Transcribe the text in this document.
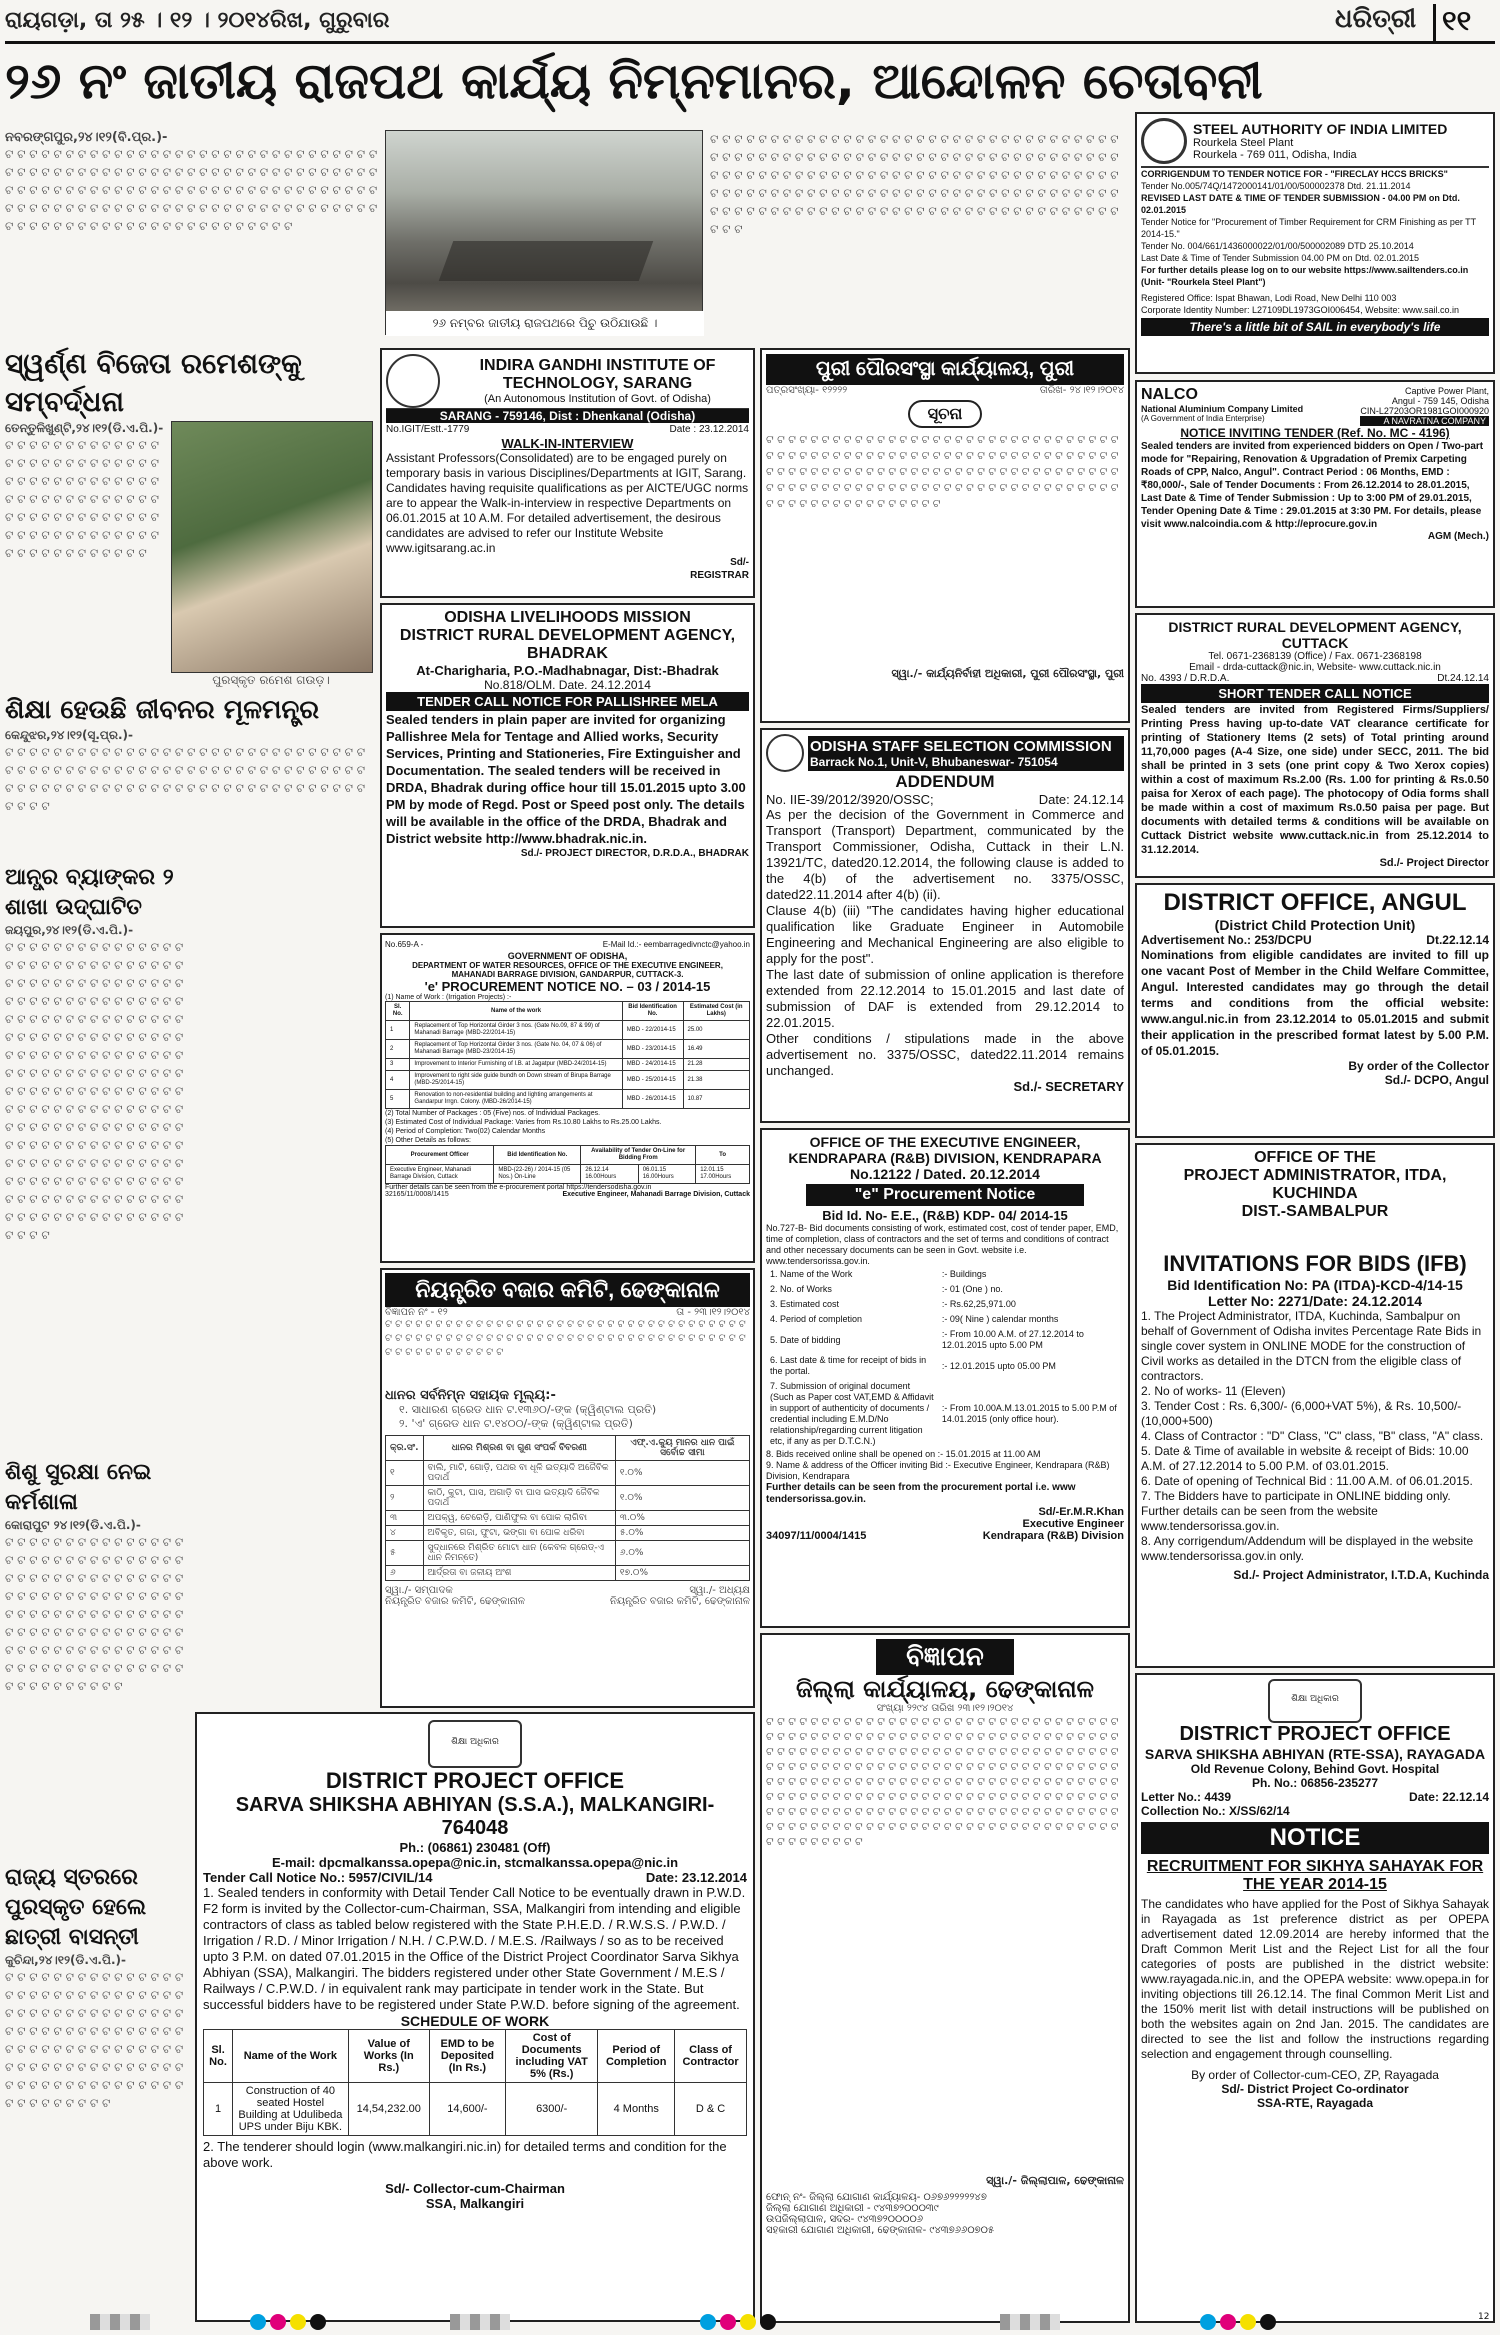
ରାୟଗଡ଼ା, ତା ୨୫ । ୧୨ । ୨୦୧୪ରିଖ, ଗୁରୁବାର	ଧରିତ୍ରୀ ୧୧
୨୬ ନଂ ଜାତୀୟ ରାଜପଥ କାର୍ଯ୍ୟ ନିମ୍ନମାନର, ଆନ୍ଦୋଳନ ଚେତାବନୀ
ନବରଙ୍ଗପୁର,୨୪।୧୨(ବି.ପ୍ର.)-
ଟ ଟ ଟ ଟ ଟ ଟ ଟ ଟ ଟ ଟ ଟ ଟ ଟ ଟ ଟ ଟ ଟ ଟ ଟ ଟ ଟ ଟ ଟ ଟ ଟ ଟ ଟ ଟ ଟ ଟ ଟ ଟ ଟ ଟ ଟ ଟ ଟ ଟ ଟ ଟ ଟ ଟ ଟ ଟ ଟ ଟ ଟ ଟ ଟ ଟ ଟ ଟ ଟ ଟ ଟ ଟ ଟ ଟ ଟ ଟ ଟ ଟ ଟ ଟ ଟ ଟ ଟ ଟ ଟ ଟ ଟ ଟ ଟ ଟ ଟ ଟ ଟ ଟ ଟ ଟ ଟ ଟ ଟ ଟ ଟ ଟ ଟ ଟ ଟ ଟ ଟ ଟ ଟ ଟ ଟ ଟ ଟ ଟ ଟ ଟ ଟ ଟ ଟ ଟ ଟ ଟ ଟ ଟ ଟ ଟ ଟ ଟ ଟ ଟ ଟ ଟ ଟ ଟ ଟ ଟ ଟ ଟ ଟ ଟ ଟ ଟ ଟ ଟ ଟ ଟ ଟ ଟ ଟ ଟ ଟ ଟ ଟ ଟ ଟ ଟ ଟ ଟ ଟ ଟ ଟ ଟ ଟ ଟ
୨୬ ନମ୍ବର ଜାତୀୟ ରାଜପଥରେ ପିଚୁ ଉଠିଯାଉଛି ।
ଟ ଟ ଟ ଟ ଟ ଟ ଟ ଟ ଟ ଟ ଟ ଟ ଟ ଟ ଟ ଟ ଟ ଟ ଟ ଟ ଟ ଟ ଟ ଟ ଟ ଟ ଟ ଟ ଟ ଟ ଟ ଟ ଟ ଟ ଟ ଟ ଟ ଟ ଟ ଟ ଟ ଟ ଟ ଟ ଟ ଟ ଟ ଟ ଟ ଟ ଟ ଟ ଟ ଟ ଟ ଟ ଟ ଟ ଟ ଟ ଟ ଟ ଟ ଟ ଟ ଟ ଟ ଟ ଟ ଟ ଟ ଟ ଟ ଟ ଟ ଟ ଟ ଟ ଟ ଟ ଟ ଟ ଟ ଟ ଟ ଟ ଟ ଟ ଟ ଟ ଟ ଟ ଟ ଟ ଟ ଟ ଟ ଟ ଟ ଟ ଟ ଟ ଟ ଟ ଟ ଟ ଟ ଟ ଟ ଟ ଟ ଟ ଟ ଟ ଟ ଟ ଟ ଟ ଟ ଟ ଟ ଟ ଟ ଟ ଟ ଟ ଟ ଟ ଟ ଟ ଟ ଟ ଟ ଟ ଟ ଟ ଟ ଟ ଟ ଟ ଟ ଟ ଟ ଟ ଟ ଟ ଟ ଟ ଟ ଟ ଟ ଟ ଟ ଟ ଟ ଟ ଟ ଟ ଟ ଟ ଟ ଟ ଟ ଟ ଟ ଟ ଟ ଟ ଟ ଟ ଟ ଟ ଟ
ସ୍ୱର୍ଣ୍ଣ ବିଜେତା ରମେଶଙ୍କୁ ସମ୍ବର୍ଦ୍ଧନା
ତେନ୍ତୁଳିଖୁଣ୍ଟି,୨୪।୧୨(ଡି.ଏ.ପି.)-
ଟ ଟ ଟ ଟ ଟ ଟ ଟ ଟ ଟ ଟ ଟ ଟ ଟ ଟ ଟ ଟ ଟ ଟ ଟ ଟ ଟ ଟ ଟ ଟ ଟ ଟ ଟ ଟ ଟ ଟ ଟ ଟ ଟ ଟ ଟ ଟ ଟ ଟ ଟ ଟ ଟ ଟ ଟ ଟ ଟ ଟ ଟ ଟ ଟ ଟ ଟ ଟ ଟ ଟ ଟ ଟ ଟ ଟ ଟ ଟ ଟ ଟ ଟ ଟ ଟ ଟ ଟ ଟ ଟ ଟ ଟ ଟ ଟ ଟ ଟ ଟ ଟ ଟ ଟ ଟ ଟ ଟ ଟ ଟ ଟ ଟ ଟ ଟ ଟ ଟ
ପୁରସ୍କୃତ ରମେଶ ଗଉଡ଼।
ଶିକ୍ଷା ହେଉଛି ଜୀବନର ମୂଳମନ୍ତ୍ର
କେନ୍ଦୁଝର,୨୪।୧୨(ସୂ.ପ୍ର.)-
ଟ ଟ ଟ ଟ ଟ ଟ ଟ ଟ ଟ ଟ ଟ ଟ ଟ ଟ ଟ ଟ ଟ ଟ ଟ ଟ ଟ ଟ ଟ ଟ ଟ ଟ ଟ ଟ ଟ ଟ ଟ ଟ ଟ ଟ ଟ ଟ ଟ ଟ ଟ ଟ ଟ ଟ ଟ ଟ ଟ ଟ ଟ ଟ ଟ ଟ ଟ ଟ ଟ ଟ ଟ ଟ ଟ ଟ ଟ ଟ ଟ ଟ ଟ ଟ ଟ ଟ ଟ ଟ ଟ ଟ ଟ ଟ ଟ ଟ ଟ ଟ ଟ ଟ ଟ ଟ ଟ ଟ ଟ ଟ ଟ ଟ ଟ ଟ ଟ ଟ ଟ ଟ ଟ ଟ
ଆନ୍ଧ୍ର ବ୍ୟାଙ୍କର ୨ ଶାଖା ଉଦ୍‌ଘାଟିତ
ଜୟପୁର,୨୪।୧୨(ଡି.ଏ.ପି.)-
ଟ ଟ ଟ ଟ ଟ ଟ ଟ ଟ ଟ ଟ ଟ ଟ ଟ ଟ ଟ ଟ ଟ ଟ ଟ ଟ ଟ ଟ ଟ ଟ ଟ ଟ ଟ ଟ ଟ ଟ ଟ ଟ ଟ ଟ ଟ ଟ ଟ ଟ ଟ ଟ ଟ ଟ ଟ ଟ ଟ ଟ ଟ ଟ ଟ ଟ ଟ ଟ ଟ ଟ ଟ ଟ ଟ ଟ ଟ ଟ ଟ ଟ ଟ ଟ ଟ ଟ ଟ ଟ ଟ ଟ ଟ ଟ ଟ ଟ ଟ ଟ ଟ ଟ ଟ ଟ ଟ ଟ ଟ ଟ ଟ ଟ ଟ ଟ ଟ ଟ ଟ ଟ ଟ ଟ ଟ ଟ ଟ ଟ ଟ ଟ ଟ ଟ ଟ ଟ ଟ ଟ ଟ ଟ ଟ ଟ ଟ ଟ ଟ ଟ ଟ ଟ ଟ ଟ ଟ ଟ ଟ ଟ ଟ ଟ ଟ ଟ ଟ ଟ ଟ ଟ ଟ ଟ ଟ ଟ ଟ ଟ ଟ ଟ ଟ ଟ ଟ ଟ ଟ ଟ ଟ ଟ ଟ ଟ ଟ ଟ ଟ ଟ ଟ ଟ ଟ ଟ ଟ ଟ ଟ ଟ ଟ ଟ ଟ ଟ ଟ ଟ ଟ ଟ ଟ ଟ ଟ ଟ ଟ ଟ ଟ ଟ ଟ ଟ ଟ ଟ ଟ ଟ ଟ ଟ ଟ ଟ ଟ ଟ ଟ ଟ ଟ ଟ ଟ ଟ ଟ ଟ ଟ ଟ ଟ ଟ ଟ ଟ ଟ ଟ ଟ ଟ ଟ ଟ ଟ ଟ ଟ ଟ ଟ ଟ ଟ ଟ ଟ ଟ ଟ ଟ ଟ ଟ ଟ ଟ ଟ ଟ ଟ ଟ ଟ ଟ ଟ ଟ ଟ ଟ ଟ ଟ ଟ ଟ ଟ ଟ ଟ ଟ ଟ ଟ
ଶିଶୁ ସୁରକ୍ଷା ନେଇ କର୍ମଶାଳା
କୋରାପୁଟ ୨୪।୧୨(ଡି.ଏ.ପି.)-
ଟ ଟ ଟ ଟ ଟ ଟ ଟ ଟ ଟ ଟ ଟ ଟ ଟ ଟ ଟ ଟ ଟ ଟ ଟ ଟ ଟ ଟ ଟ ଟ ଟ ଟ ଟ ଟ ଟ ଟ ଟ ଟ ଟ ଟ ଟ ଟ ଟ ଟ ଟ ଟ ଟ ଟ ଟ ଟ ଟ ଟ ଟ ଟ ଟ ଟ ଟ ଟ ଟ ଟ ଟ ଟ ଟ ଟ ଟ ଟ ଟ ଟ ଟ ଟ ଟ ଟ ଟ ଟ ଟ ଟ ଟ ଟ ଟ ଟ ଟ ଟ ଟ ଟ ଟ ଟ ଟ ଟ ଟ ଟ ଟ ଟ ଟ ଟ ଟ ଟ ଟ ଟ ଟ ଟ ଟ ଟ ଟ ଟ ଟ ଟ ଟ ଟ ଟ ଟ ଟ ଟ ଟ ଟ ଟ ଟ ଟ ଟ ଟ ଟ ଟ ଟ ଟ ଟ ଟ ଟ ଟ ଟ ଟ ଟ ଟ ଟ ଟ ଟ ଟ ଟ
ରାଜ୍ୟ ସ୍ତରରେ ପୁରସ୍କୃତ ହେଲେ ଛାତ୍ରୀ ବାସନ୍ତୀ
କୁଚିନ୍ଦା,୨୪।୧୨(ଡି.ଏ.ପି.)-
ଟ ଟ ଟ ଟ ଟ ଟ ଟ ଟ ଟ ଟ ଟ ଟ ଟ ଟ ଟ ଟ ଟ ଟ ଟ ଟ ଟ ଟ ଟ ଟ ଟ ଟ ଟ ଟ ଟ ଟ ଟ ଟ ଟ ଟ ଟ ଟ ଟ ଟ ଟ ଟ ଟ ଟ ଟ ଟ ଟ ଟ ଟ ଟ ଟ ଟ ଟ ଟ ଟ ଟ ଟ ଟ ଟ ଟ ଟ ଟ ଟ ଟ ଟ ଟ ଟ ଟ ଟ ଟ ଟ ଟ ଟ ଟ ଟ ଟ ଟ ଟ ଟ ଟ ଟ ଟ ଟ ଟ ଟ ଟ ଟ ଟ ଟ ଟ ଟ ଟ ଟ ଟ ଟ ଟ ଟ ଟ ଟ ଟ ଟ ଟ ଟ ଟ ଟ ଟ ଟ ଟ ଟ ଟ ଟ ଟ ଟ ଟ ଟ ଟ
INDIRA GANDHI INSTITUTE OF TECHNOLOGY, SARANG
(An Autonomous Institution of Govt. of Odisha)
SARANG - 759146, Dist : Dhenkanal (Odisha)
No.IGIT/Estt.-1779	Date : 23.12.2014
WALK-IN-INTERVIEW
Assistant Professors(Consolidated) are to be engaged purely on temporary basis in various Disciplines/Departments at IGIT, Sarang. Candidates having requisite qualifications as per AICTE/UGC norms are to appear the Walk-in-interview in respective Departments on 06.01.2015 at 10 A.M. For detailed advertisement, the desirous candidates are advised to refer our Institute Website www.igitsarang.ac.in
Sd/-
REGISTRAR
ODISHA LIVELIHOODS MISSION
DISTRICT RURAL DEVELOPMENT AGENCY,
BHADRAK
At-Charigharia, P.O.-Madhabnagar, Dist:-Bhadrak
No.818/OLM. Date. 24.12.2014
TENDER CALL NOTICE FOR PALLISHREE MELA
Sealed tenders in plain paper are invited for organizing Pallishree Mela for Tentage and Allied works, Security Services, Printing and Stationeries, Fire Extinguisher and Documentation. The sealed tenders will be received in DRDA, Bhadrak during office hour till 15.01.2015 upto 3.00 PM by mode of Regd. Post or Speed post only. The details will be available in the office of the DRDA, Bhadrak and District website http://www.bhadrak.nic.in.
Sd./- PROJECT DIRECTOR, D.R.D.A., BHADRAK
No.659-A -	E-Mail Id.:- eembarragedivnctc@yahoo.in
GOVERNMENT OF ODISHA,
DEPARTMENT OF WATER RESOURCES, OFFICE OF THE EXECUTIVE ENGINEER,
MAHANADI BARRAGE DIVISION, GANDARPUR, CUTTACK-3.
'e' PROCUREMENT NOTICE NO. – 03 / 2014-15
(1) Name of Work : (Irrigation Projects) :-
Sl. No.	Name of the work	Bid Identification No.	Estimated Cost (in Lakhs)
1	Replacement of Top Horizontal Girder 3 nos. (Gate No.09, 87 & 99) of Mahanadi Barrage (MBD-22/2014-15)	MBD - 22/2014-15	25.00
2	Replacement of Top Horizontal Girder 3 nos. (Gate No. 04, 07 & 06) of Mahanadi Barrage (MBD-23/2014-15)	MBD - 23/2014-15	16.49
3	Improvement to Interior Furnishing of I.B. at Jagatpur (MBD-24/2014-15)	MBD - 24/2014-15	21.28
4	Improvement to right side guide bundh on Down stream of Birupa Barrage (MBD-25/2014-15)	MBD - 25/2014-15	21.38
5	Renovation to non-residential building and lighting arrangements at Gandarpur Irrgn. Colony. (MBD-26/2014-15)	MBD - 26/2014-15	10.87
(2) Total Number of Packages : 05 (Five) nos. of Individual Packages.
(3) Estimated Cost of Individual Package: Varies from Rs.10.80 Lakhs to Rs.25.00 Lakhs.
(4) Period of Completion: Two(02) Calendar Months
(5) Other Details as follows:
Procurement Officer	Bid Identification No.	Availability of Tender On-Line for Bidding From		To
Executive Engineer, Mahanadi Barrage Division, Cuttack	MBD-(22-26) / 2014-15 (05 Nos.) On-Line	26.12.14 16.00Hours	06.01.15 16.00Hours	12.01.15 17.00Hours
Further details can be seen from the e-procurement portal https://tendersodisha.gov.in
32165/11/0008/1415	Executive Engineer, Mahanadi Barrage Division, Cuttack
ନିୟନ୍ତ୍ରିତ ବଜାର କମିଟି, ଢେଙ୍କାନାଳ
ବିଜ୍ଞାପନ ନଂ - ୧୨	ତା - ୨୩।୧୨।୨୦୧୪
ଟ ଟ ଟ ଟ ଟ ଟ ଟ ଟ ଟ ଟ ଟ ଟ ଟ ଟ ଟ ଟ ଟ ଟ ଟ ଟ ଟ ଟ ଟ ଟ ଟ ଟ ଟ ଟ ଟ ଟ ଟ ଟ ଟ ଟ ଟ ଟ ଟ ଟ ଟ ଟ ଟ ଟ ଟ ଟ ଟ ଟ ଟ ଟ ଟ ଟ ଟ ଟ ଟ ଟ ଟ ଟ ଟ ଟ ଟ ଟ ଟ ଟ ଟ ଟ ଟ ଟ ଟ ଟ ଟ ଟ ଟ ଟ ଟ ଟ ଟ ଟ ଟ ଟ ଟ ଟ ଟ ଟ ଟ ଟ
ଧାନର ସର୍ବନିମ୍ନ ସହାୟକ ମୂଲ୍ୟ:-
୧. ସାଧାରଣ ଗ୍ରେଡ ଧାନ ଟ.୧୩୬୦/-ଙ୍କ (କ୍ୱିଣ୍ଟାଲ ପ୍ରତି)
୨. 'ଏ' ଗ୍ରେଡ ଧାନ ଟ.୧୪୦୦/-ଙ୍କ (କ୍ୱିଣ୍ଟାଲ ପ୍ରତି)
କ୍ର.ସଂ.	ଧାନର ମିଶ୍ରଣ ବା ଗୁଣ ସଂପର୍କ ବିବରଣୀ	ଏଫ୍.ଏ.କ୍ୟୁ ମାନର ଧାନ ପାଇଁ ସର୍ବୋଚ୍ଚ ସୀମା
୧	ବାଲି, ମାଟି, ଗୋଡ଼ି, ପଥର ବା ଧୂଳି ଇତ୍ୟାଦି ଅଜୈବିକ ପଦାର୍ଥ	୧.୦%
୨	କାଠି, କୁଟା, ଘାସ, ଅଗାଡ଼ି ବା ଘାସ ଇତ୍ୟାଦି ଜୈବିକ ପଦାର୍ଥ	୧.୦%
୩	ଅପକ୍ୱ, ଚେରେଡ଼ି, ପାଣିଫୁଲ ବା ପୋକ ଲାଗିବା	୩.୦%
୪	ଅବିକୃତ, ଗଜା, ଫୁଟା, ଭଙ୍ଗା ବା ପୋକ ଧରିବା	୫.୦%
୫	ସୁଦ୍ଧାନରେ ମିଶ୍ରିତ ମୋଟା ଧାନ (କେବଳ ଗ୍ରେଡ୍-ଏ ଧାନ ନିମନ୍ତେ)	୬.୦%
୬	ଆର୍ଦ୍ରତା ବା ଜଳୀୟ ଅଂଶ	୧୭.୦%
ସ୍ୱା./- ସମ୍ପାଦକ	ସ୍ୱା./- ଅଧ୍ୟକ୍ଷ
ନିୟନ୍ତ୍ରିତ ବଜାର କମିଟି, ଢେଙ୍କାନାଳ	ନିୟନ୍ତ୍ରିତ ବଜାର କମିଟି, ଢେଙ୍କାନାଳ
ଶିକ୍ଷା ଅଧିକାର
DISTRICT PROJECT OFFICE
SARVA SHIKSHA ABHIYAN (S.S.A.), MALKANGIRI-764048
Ph.: (06861) 230481 (Off)
E-mail: dpcmalkanssa.opepa@nic.in, stcmalkanssa.opepa@nic.in
Tender Call Notice No.: 5957/CIVIL/14	Date: 23.12.2014
1. Sealed tenders in conformity with Detail Tender Call Notice to be eventually drawn in P.W.D. F2 form is invited by the Collector-cum-Chairman, SSA, Malkangiri from intending and eligible contractors of class as tabled below registered with the State P.H.E.D. / R.W.S.S. / P.W.D. / Irrigation / R.D. / Minor Irrigation / N.H. / C.P.W.D. / M.E.S. /Railways / so as to be received upto 3 P.M. on dated 07.01.2015 in the Office of the District Project Coordinator Sarva Sikhya Abhiyan (SSA), Malkangiri. The bidders registered under other State Government / M.E.S / Railways / C.P.W.D. / in equivalent rank may participate in tender work in the State. But successful bidders have to be registered under State P.W.D. before signing of the agreement.
SCHEDULE OF WORK
Sl. No.	Name of the Work	Value of Works (In Rs.)	EMD to be Deposited (In Rs.)	Cost of Documents including VAT 5% (Rs.)	Period of Completion	Class of Contractor
1	Construction of 40 seated Hostel Building at Udulibeda UPS under Biju KBK.	14,54,232.00	14,600/-	6300/-	4 Months	D & C
2. The tenderer should login (www.malkangiri.nic.in) for detailed terms and condition for the above work.
Sd/- Collector-cum-Chairman
SSA, Malkangiri
ପୁରୀ ପୌରସଂସ୍ଥା କାର୍ଯ୍ୟାଳୟ, ପୁରୀ
ପତ୍ରସଂଖ୍ୟା- ୧୨୨୨୨	ତାରିଖ- ୨୪।୧୨।୨୦୧୪
ସୂଚନା
ଟ ଟ ଟ ଟ ଟ ଟ ଟ ଟ ଟ ଟ ଟ ଟ ଟ ଟ ଟ ଟ ଟ ଟ ଟ ଟ ଟ ଟ ଟ ଟ ଟ ଟ ଟ ଟ ଟ ଟ ଟ ଟ ଟ ଟ ଟ ଟ ଟ ଟ ଟ ଟ ଟ ଟ ଟ ଟ ଟ ଟ ଟ ଟ ଟ ଟ ଟ ଟ ଟ ଟ ଟ ଟ ଟ ଟ ଟ ଟ ଟ ଟ ଟ ଟ ଟ ଟ ଟ ଟ ଟ ଟ ଟ ଟ ଟ ଟ ଟ ଟ ଟ ଟ ଟ ଟ ଟ ଟ ଟ ଟ ଟ ଟ ଟ ଟ ଟ ଟ ଟ ଟ ଟ ଟ ଟ ଟ ଟ ଟ ଟ ଟ ଟ ଟ ଟ ଟ ଟ ଟ ଟ ଟ ଟ ଟ ଟ ଟ ଟ ଟ ଟ ଟ ଟ ଟ ଟ ଟ ଟ ଟ ଟ ଟ ଟ ଟ ଟ ଟ ଟ ଟ ଟ ଟ ଟ ଟ ଟ ଟ ଟ ଟ ଟ ଟ ଟ ଟ ଟ ଟ
ସ୍ୱା./- କାର୍ଯ୍ୟନିର୍ବାହୀ ଅଧିକାରୀ, ପୁରୀ ପୌରସଂସ୍ଥା, ପୁରୀ
ODISHA STAFF SELECTION COMMISSION
Barrack No.1, Unit-V, Bhubaneswar- 751054
ADDENDUM
No. IIE-39/2012/3920/OSSC;	Date: 24.12.14
As per the decision of the Government in Commerce and Transport (Transport) Department, communicated by the Transport Commissioner, Odisha, Cuttack in their L.N. 13921/TC, dated20.12.2014, the following clause is added to the 4(b) of the advertisement no. 3375/OSSC, dated22.11.2014 after 4(b) (ii).
Clause 4(b) (iii) "The candidates having higher educational qualification like Graduate Engineer in Automobile Engineering and Mechanical Engineering are also eligible to apply for the post".
The last date of submission of online application is therefore extended from 22.12.2014 to 15.01.2015 and last date of submission of DAF is extended from 29.12.2014 to 22.01.2015.
Other conditions / stipulations made in the above advertisement no. 3375/OSSC, dated22.11.2014 remains unchanged.
Sd./- SECRETARY
OFFICE OF THE EXECUTIVE ENGINEER,
KENDRAPARA (R&B) DIVISION, KENDRAPARA
No.12122 / Dated. 20.12.2014
"e" Procurement Notice
Bid Id. No- E.E., (R&B) KDP- 04/ 2014-15
No.727-B- Bid documents consisting of work, estimated cost, cost of tender paper, EMD, time of completion, class of contractors and the set of terms and conditions of contract and other necessary documents can be seen in Govt. website i.e. www.tendersorissa.gov.in.
1. Name of the Work	:- Buildings
2. No. of Works	:- 01 (One ) no.
3. Estimated cost	:- Rs.62,25,971.00
4. Period of completion	:- 09( Nine ) calendar months
5. Date of bidding	:- From 10.00 A.M. of 27.12.2014 to 12.01.2015 upto 5.00 PM
6. Last date & time for receipt of bids in the portal.	:- 12.01.2015 upto 05.00 PM
7. Submission of original document (Such as Paper cost VAT,EMD & Affidavit in support of authenticity of documents / credential including E.M.D/No relationship/regarding current litigation etc, if any as per D.T.C.N.)	:- From 10.00A.M.13.01.2015 to 5.00 P.M of 14.01.2015 (only office hour).
8. Bids received online shall be opened on :- 15.01.2015 at 11.00 AM
9. Name & address of the Officer inviting Bid :- Executive Engineer, Kendrapara (R&B) Division, Kendrapara
Further details can be seen from the procurement portal i.e. www tendersorissa.gov.in.
Sd/-Er.M.R.Khan
Executive Engineer
34097/11/0004/1415	Kendrapara (R&B) Division
ବିଜ୍ଞାପନ
ଜିଲ୍ଲା କାର୍ଯ୍ୟାଳୟ, ଢେଙ୍କାନାଳ
ସଂଖ୍ୟା ୨୨୯୪ ତାରିଖ ୨୩।୧୨।୨୦୧୪
ଟ ଟ ଟ ଟ ଟ ଟ ଟ ଟ ଟ ଟ ଟ ଟ ଟ ଟ ଟ ଟ ଟ ଟ ଟ ଟ ଟ ଟ ଟ ଟ ଟ ଟ ଟ ଟ ଟ ଟ ଟ ଟ ଟ ଟ ଟ ଟ ଟ ଟ ଟ ଟ ଟ ଟ ଟ ଟ ଟ ଟ ଟ ଟ ଟ ଟ ଟ ଟ ଟ ଟ ଟ ଟ ଟ ଟ ଟ ଟ ଟ ଟ ଟ ଟ ଟ ଟ ଟ ଟ ଟ ଟ ଟ ଟ ଟ ଟ ଟ ଟ ଟ ଟ ଟ ଟ ଟ ଟ ଟ ଟ ଟ ଟ ଟ ଟ ଟ ଟ ଟ ଟ ଟ ଟ ଟ ଟ ଟ ଟ ଟ ଟ ଟ ଟ ଟ ଟ ଟ ଟ ଟ ଟ ଟ ଟ ଟ ଟ ଟ ଟ ଟ ଟ ଟ ଟ ଟ ଟ ଟ ଟ ଟ ଟ ଟ ଟ ଟ ଟ ଟ ଟ ଟ ଟ ଟ ଟ ଟ ଟ ଟ ଟ ଟ ଟ ଟ ଟ ଟ ଟ ଟ ଟ ଟ ଟ ଟ ଟ ଟ ଟ ଟ ଟ ଟ ଟ ଟ ଟ ଟ ଟ ଟ ଟ ଟ ଟ ଟ ଟ ଟ ଟ ଟ ଟ ଟ ଟ ଟ ଟ ଟ ଟ ଟ ଟ ଟ ଟ ଟ ଟ ଟ ଟ ଟ ଟ ଟ ଟ ଟ ଟ ଟ ଟ ଟ ଟ ଟ ଟ ଟ ଟ ଟ ଟ ଟ ଟ ଟ ଟ ଟ ଟ ଟ ଟ ଟ ଟ ଟ ଟ ଟ ଟ ଟ ଟ ଟ ଟ ଟ ଟ ଟ ଟ ଟ ଟ ଟ ଟ ଟ ଟ ଟ ଟ ଟ ଟ ଟ ଟ ଟ ଟ ଟ ଟ ଟ ଟ ଟ ଟ ଟ ଟ ଟ ଟ ଟ ଟ ଟ ଟ ଟ ଟ ଟ ଟ ଟ ଟ ଟ ଟ ଟ ଟ ଟ ଟ ଟ ଟ ଟ
ସ୍ୱା./- ଜିଲ୍ଲାପାଳ, ଢେଙ୍କାନାଳ
ଫୋନ୍ ନଂ- ଜିଲ୍ଲା ଯୋଗାଣ କାର୍ଯ୍ୟାଳୟ- ୦୬୭୬୨୨୨୨୨୪୭
ଜିଲ୍ଲା ଯୋଗାଣ ଅଧିକାରୀ - ୯୪୩୭୨୦୦୦୩୯
ଉପଜିଲ୍ଲାପାଳ, ସଦର- ୯୪୩୭୨୦୦୦୦୬
ସହକାରୀ ଯୋଗାଣ ଅଧିକାରୀ, ଢେଙ୍କାନାଳ- ୯୪୩୭୬୬୦୭୦୫
STEEL AUTHORITY OF INDIA LIMITED
Rourkela Steel Plant
Rourkela - 769 011, Odisha, India
CORRIGENDUM TO TENDER NOTICE FOR - "FIRECLAY HCCS BRICKS"
Tender No.005/74Q/1472000141/01/00/500002378 Dtd. 21.11.2014
REVISED LAST DATE & TIME OF TENDER SUBMISSION - 04.00 PM on Dtd. 02.01.2015
Tender Notice for "Procurement of Timber Requirement for CRM Finishing as per TT 2014-15."
Tender No. 004/661/1436000022/01/00/500002089 DTD 25.10.2014
Last Date & Time of Tender Submission 04.00 PM on Dtd. 02.01.2015
For further details please log on to our website https://www.sailtenders.co.in (Unit- "Rourkela Steel Plant")
Registered Office: Ispat Bhawan, Lodi Road, New Delhi 110 003
Corporate Identity Number: L27109DL1973GOI006454, Website: www.sail.co.in
There's a little bit of SAIL in everybody's life
NALCO
National Aluminium Company Limited
(A Government of India Enterprise)
Captive Power Plant,
Angul - 759 145, Odisha
CIN-L27203OR1981GOI000920
A NAVRATNA COMPANY
NOTICE INVITING TENDER (Ref. No. MC - 4196)
Sealed tenders are invited from experienced bidders on Open / Two-part mode for "Repairing, Renovation & Upgradation of Premix Carpeting Roads of CPP, Nalco, Angul". Contract Period : 06 Months, EMD : ₹80,000/-, Sale of Tender Documents : From 26.12.2014 to 28.01.2015, Last Date & Time of Tender Submission : Up to 3:00 PM of 29.01.2015, Tender Opening Date & Time : 29.01.2015 at 3:30 PM. For details, please visit www.nalcoindia.com & http://eprocure.gov.in
AGM (Mech.)
DISTRICT RURAL DEVELOPMENT AGENCY, CUTTACK
Tel. 0671-2368139 (Office) / Fax. 0671-2368198
Email - drda-cuttack@nic.in, Website- www.cuttack.nic.in
No. 4393 / D.R.D.A.	Dt.24.12.14
SHORT TENDER CALL NOTICE
Sealed tenders are invited from Registered Firms/Suppliers/ Printing Press having up-to-date VAT clearance certificate for printing of Stationery Items (2 sets) of Total printing around 11,70,000 pages (A-4 Size, one side) under SECC, 2011. The bid shall be printed in 3 sets (one print copy & Two Xerox copies) within a cost of maximum Rs.2.00 (Rs. 1.00 for printing & Rs.0.50 paisa for Xerox of each page). The photocopy of Odia forms shall be made within a cost of maximum Rs.0.50 paisa per page. But documents with detailed terms & conditions will be available on Cuttack District website www.cuttack.nic.in from 25.12.2014 to 31.12.2014.
Sd./- Project Director
DISTRICT OFFICE, ANGUL
(District Child Protection Unit)
Advertisement No.: 253/DCPU	Dt.22.12.14
Nominations from eligible candidates are invited to fill up one vacant Post of Member in the Child Welfare Committee, Angul. Interested candidates may go through the detail terms and conditions from the official website: www.angul.nic.in from 23.12.2014 to 05.01.2015 and submit their application in the prescribed format latest by 5.00 P.M. of 05.01.2015.
By order of the Collector
Sd./- DCPO, Angul
OFFICE OF THE
PROJECT ADMINISTRATOR, ITDA, KUCHINDA
DIST.-SAMBALPUR
INVITATIONS FOR BIDS (IFB)
Bid Identification No: PA (ITDA)-KCD-4/14-15
Letter No: 2271/Date: 24.12.2014
1. The Project Administrator, ITDA, Kuchinda, Sambalpur on behalf of Government of Odisha invites Percentage Rate Bids in single cover system in ONLINE MODE for the construction of Civil works as detailed in the DTCN from the eligible class of contractors.
2. No of works- 11 (Eleven)
3. Tender Cost : Rs. 6,300/- (6,000+VAT 5%), & Rs. 10,500/- (10,000+500)
4. Class of Contractor : "D" Class, "C" class, "B" class, "A" class.
5. Date & Time of available in website & receipt of Bids: 10.00 A.M. of 27.12.2014 to 5.00 P.M. of 03.01.2015.
6. Date of opening of Technical Bid : 11.00 A.M. of 06.01.2015.
7. The Bidders have to participate in ONLINE bidding only. Further details can be seen from the website www.tendersorissa.gov.in.
8. Any corrigendum/Addendum will be displayed in the website www.tendersorissa.gov.in only.
Sd./- Project Administrator, I.T.D.A, Kuchinda
ଶିକ୍ଷା ଅଧିକାର
DISTRICT PROJECT OFFICE
SARVA SHIKSHA ABHIYAN (RTE-SSA), RAYAGADA
Old Revenue Colony, Behind Govt. Hospital
Ph. No.: 06856-235277
Letter No.: 4439	Date: 22.12.14
Collection No.: X/SS/62/14
NOTICE
RECRUITMENT FOR SIKHYA SAHAYAK FOR THE YEAR 2014-15
The candidates who have applied for the Post of Sikhya Sahayak in Rayagada as 1st preference district as per OPEPA advertisement dated 12.09.2014 are hereby informed that the Draft Common Merit List and the Reject List for all the four categories of posts are published in the district website: www.rayagada.nic.in, and the OPEPA website: www.opepa.in for inviting objections till 26.12.14. The final Common Merit List and the 150% merit list with detail instructions will be published on both the websites again on 2nd Jan. 2015. The candidates are directed to see the list and follow the instructions regarding selection and engagement through counselling.
By order of Collector-cum-CEO, ZP, Rayagada
Sd/- District Project Co-ordinator
SSA-RTE, Rayagada
12
